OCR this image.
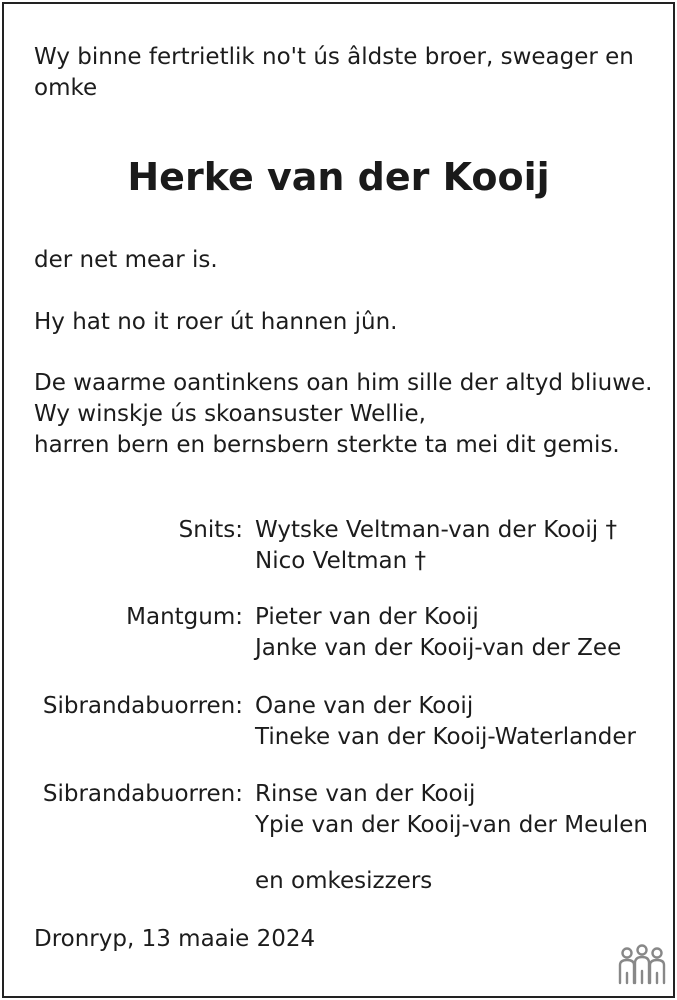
Wy binne fertrietlik no't ús âldste broer, sweager en
omke
Herke van der Kooij
der net mear is.
Hy hat no it roer út hannen jûn.
De waarme oantinkens oan him sille der altyd bliuwe.
Wy winskje ús skoansuster Wellie,
harren bern en bernsbern sterkte ta mei dit gemis.
Snits: Wytske Veltman-van der Kooij †
Nico Veltman †
Mantgum: Pieter van der Kooij
Janke van der Kooij-van der Zee
Sibrandabuorren: Oane van der Kooij
Tineke van der Kooij-Waterlander
Sibrandabuorren: Rinse van der Kooij
Ypie van der Kooij-van der Meulen
en omkesizzers
Dronryp, 13 maaie 2024
